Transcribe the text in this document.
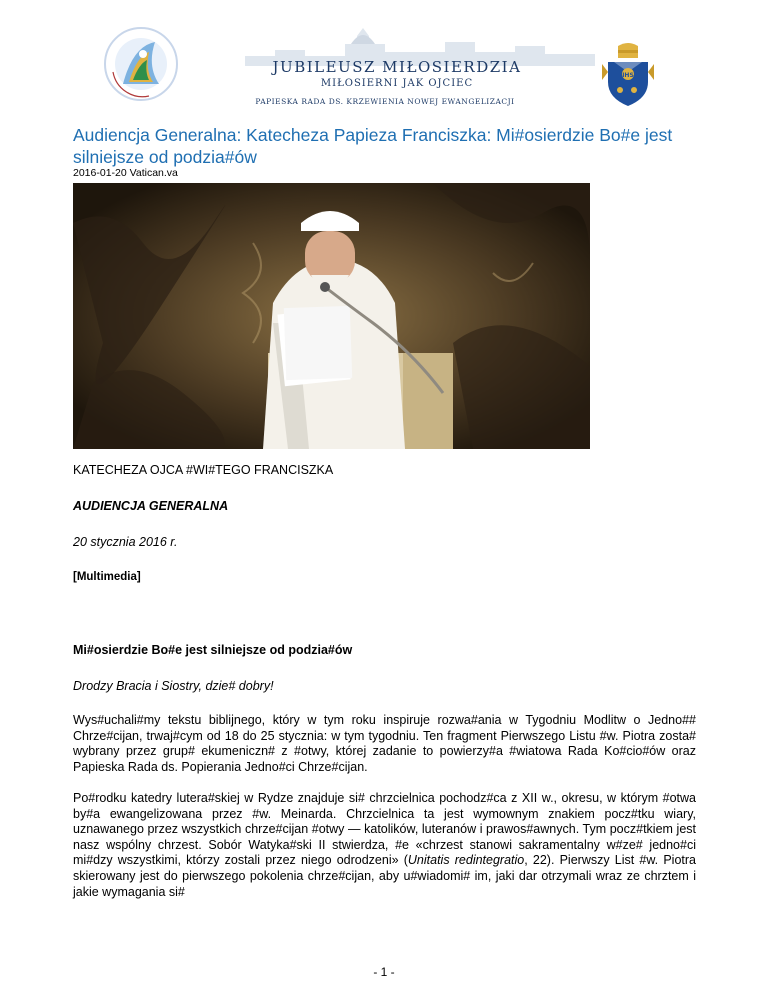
JUBILEUSZ MIŁOSIERDZIA
MIŁOSIERNI JAK OJCIEC
PAPIESKA RADA DS. KRZEWIENIA NOWEJ EWANGELIZACJI
IHS
Audiencja Generalna: Katecheza Papieza Franciszka: Mi#osierdzie Bo#e jest silniejsze od podzia#ów
2016-01-20 Vatican.va
KATECHEZA OJCA #WI#TEGO FRANCISZKA
AUDIENCJA GENERALNA
20 stycznia 2016 r.
[Multimedia]
Mi#osierdzie Bo#e jest silniejsze od podzia#ów
Drodzy Bracia i Siostry, dzie# dobry!

Wys#uchali#my tekstu biblijnego, który w tym roku inspiruje rozwa#ania w Tygodniu Modlitw o Jedno## Chrze#cijan, trwaj#cym od 18 do 25 stycznia: w tym tygodniu. Ten fragment Pierwszego Listu #w. Piotra zosta# wybrany przez grup# ekumeniczn# z #otwy, której zadanie to powierzy#a #wiatowa Rada Ko#cio#ów oraz Papieska Rada ds. Popierania Jedno#ci Chrze#cijan.

Po#rodku katedry lutera#skiej w Rydze znajduje si# chrzcielnica pochodz#ca z XII w., okresu, w którym #otwa by#a ewangelizowana przez #w. Meinarda. Chrzcielnica ta jest wymownym znakiem pocz#tku wiary, uznawanego przez wszystkich chrze#cijan #otwy — katolików, luteranów i prawos#awnych. Tym pocz#tkiem jest nasz wspólny chrzest. Sobór Watyka#ski II stwierdza, #e «chrzest stanowi sakramentalny w#ze# jedno#ci mi#dzy wszystkimi, którzy zostali przez niego odrodzeni» (Unitatis redintegratio, 22). Pierwszy List #w. Piotra skierowany jest do pierwszego pokolenia chrze#cijan, aby u#wiadomi# im, jaki dar otrzymali wraz ze chrztem i jakie wymagania si#

- 1 -
